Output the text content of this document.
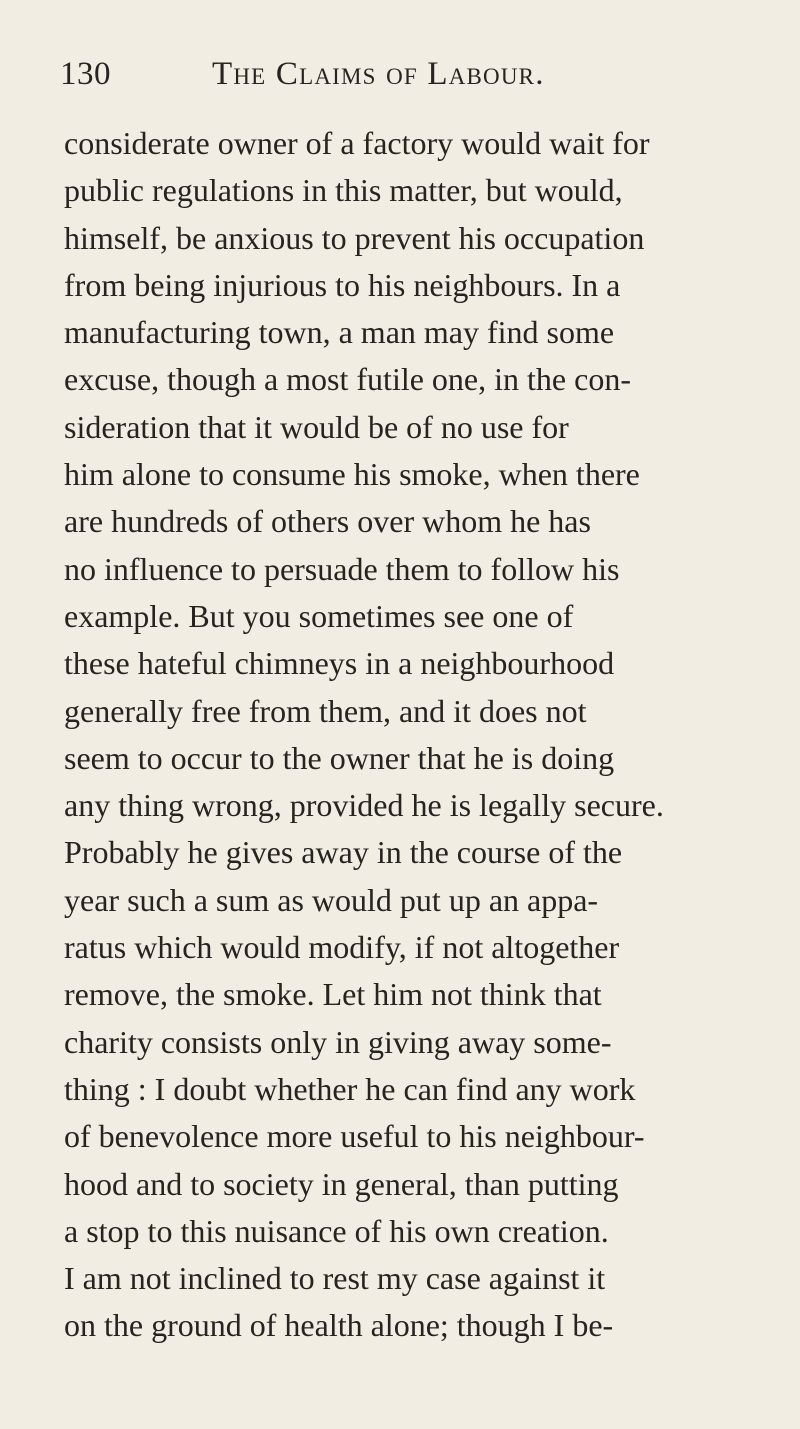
130	The Claims of Labour.
considerate owner of a factory would wait for
public regulations in this matter, but would,
himself, be anxious to prevent his occupation
from being injurious to his neighbours. In a
manufacturing town, a man may find some
excuse, though a most futile one, in the con-
sideration that it would be of no use for
him alone to consume his smoke, when there
are hundreds of others over whom he has
no influence to persuade them to follow his
example. But you sometimes see one of
these hateful chimneys in a neighbourhood
generally free from them, and it does not
seem to occur to the owner that he is doing
any thing wrong, provided he is legally secure.
Probably he gives away in the course of the
year such a sum as would put up an appa-
ratus which would modify, if not altogether
remove, the smoke. Let him not think that
charity consists only in giving away some-
thing : I doubt whether he can find any work
of benevolence more useful to his neighbour-
hood and to society in general, than putting
a stop to this nuisance of his own creation.
I am not inclined to rest my case against it
on the ground of health alone; though I be-
